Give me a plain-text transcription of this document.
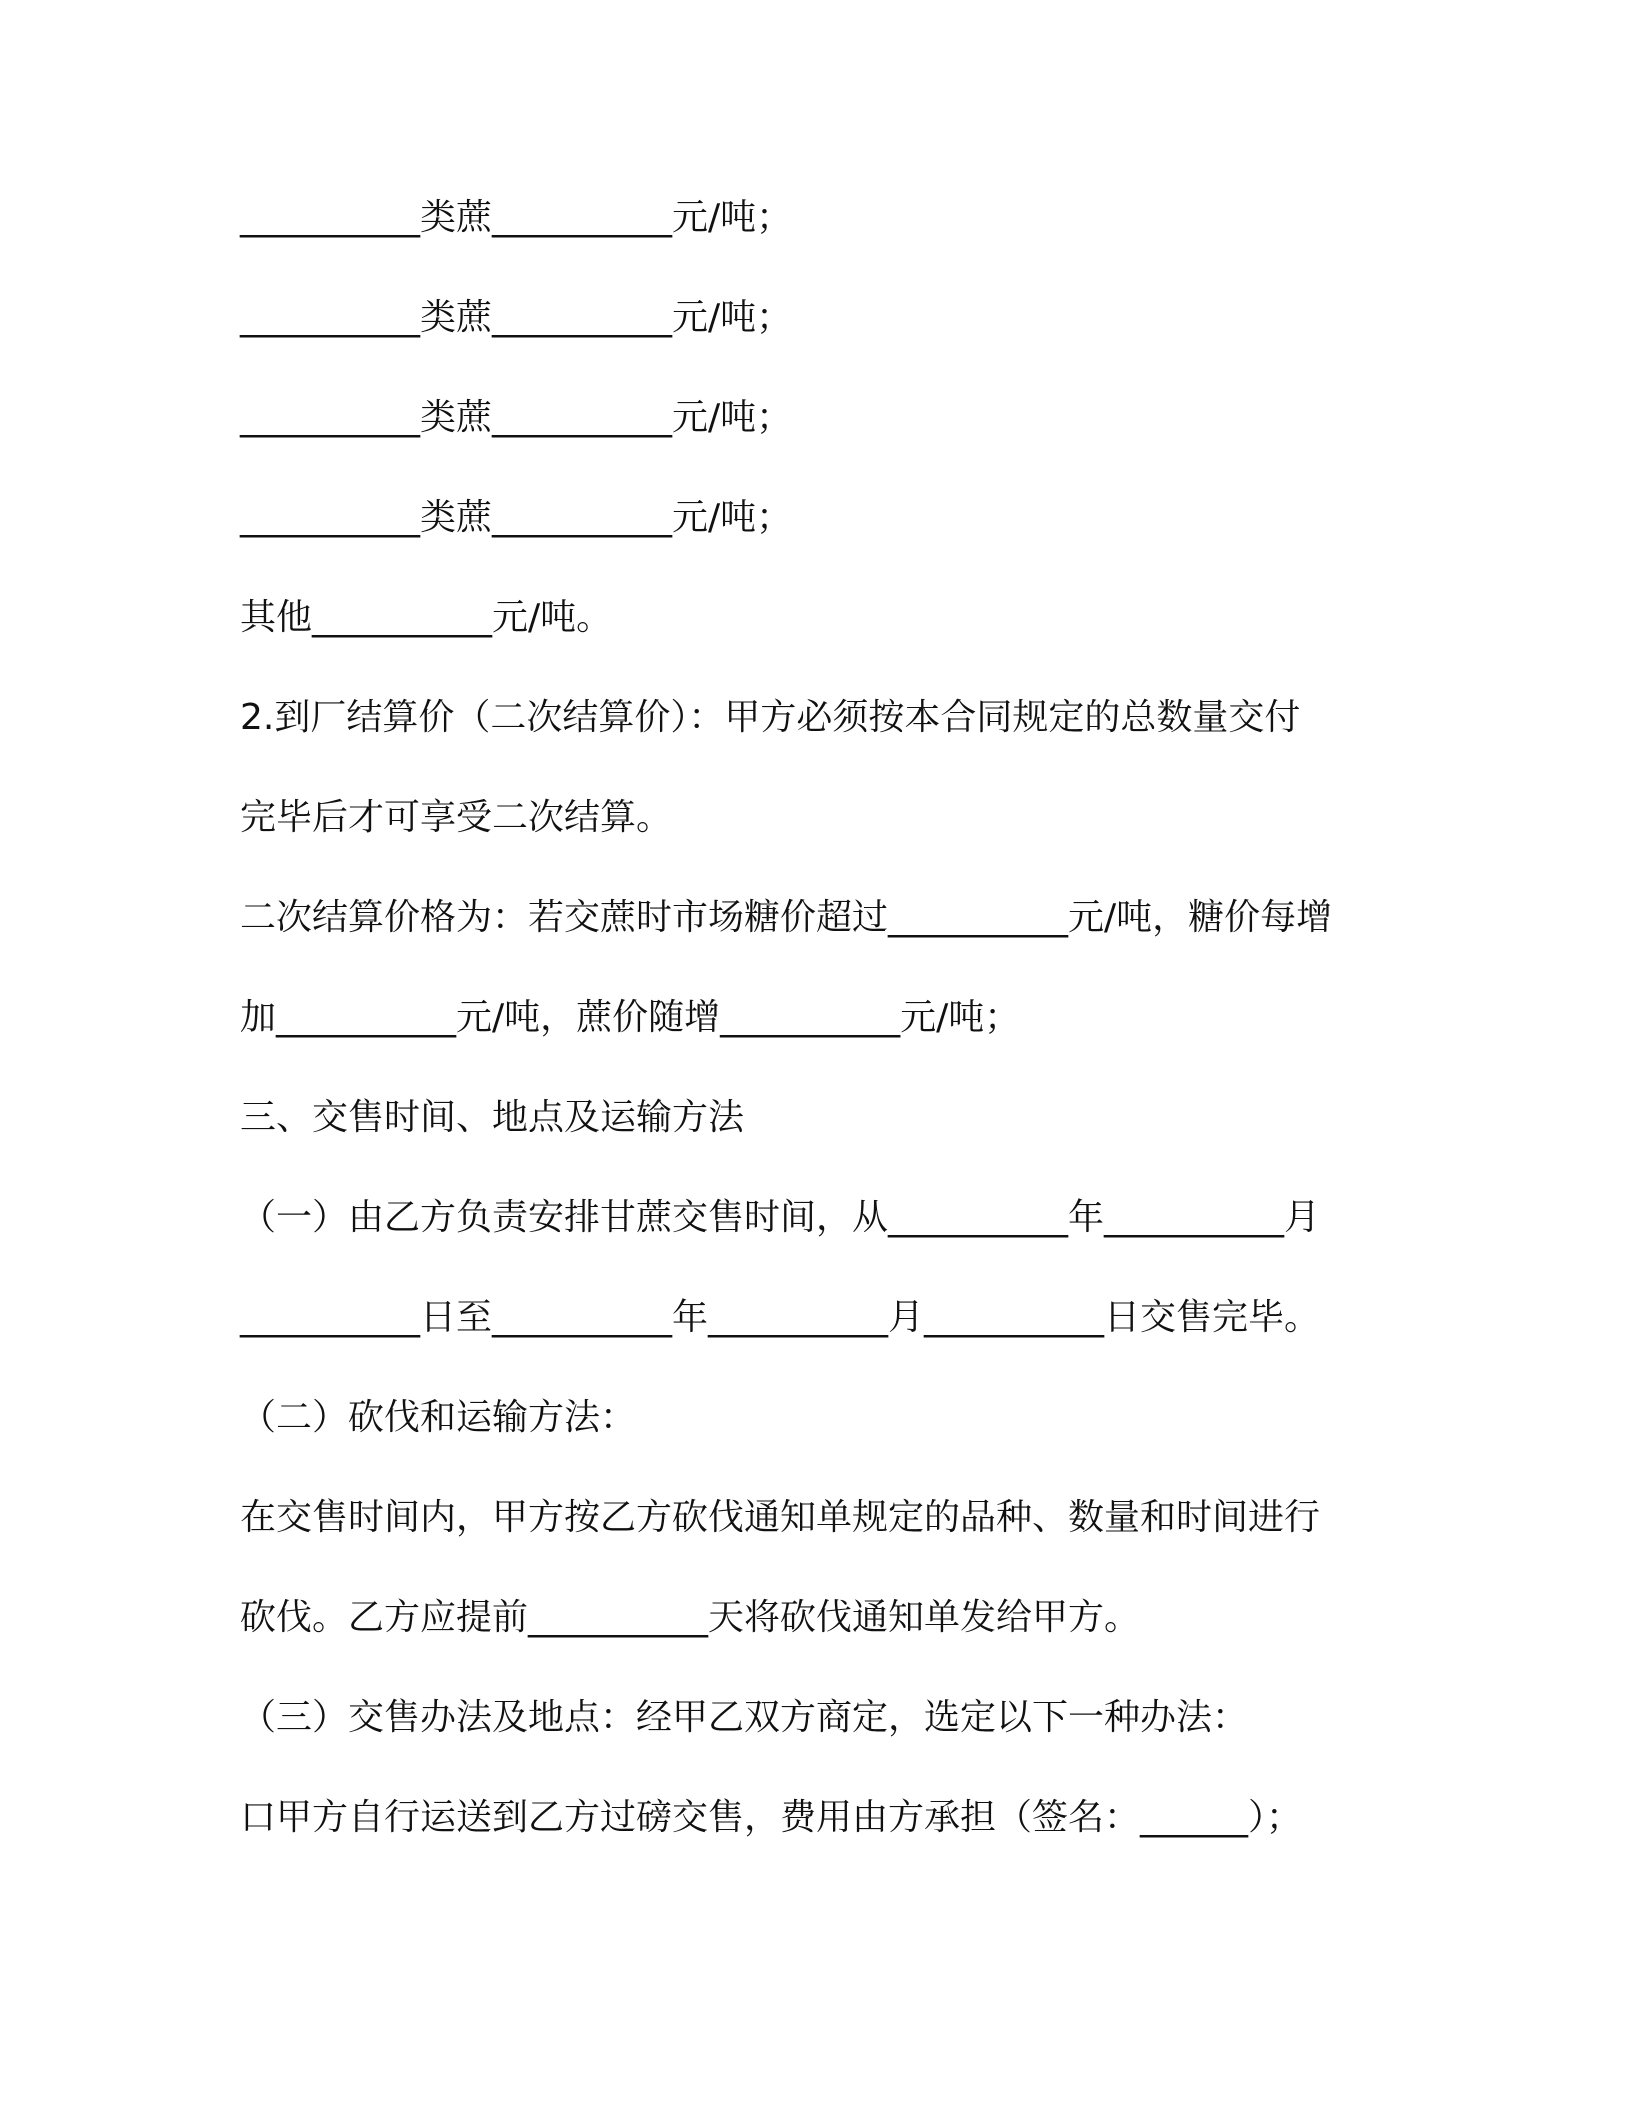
__________类蔗__________元/吨；
__________类蔗__________元/吨；
__________类蔗__________元/吨；
__________类蔗__________元/吨；
其他__________元/吨。
2.到厂结算价（二次结算价）：甲方必须按本合同规定的总数量交付
完毕后才可享受二次结算。
二次结算价格为：若交蔗时市场糖价超过__________元/吨，糖价每增
加__________元/吨，蔗价随增__________元/吨；
三、交售时间、地点及运输方法
（一）由乙方负责安排甘蔗交售时间，从__________年__________月
__________日至__________年__________月__________日交售完毕。
（二）砍伐和运输方法：
在交售时间内，甲方按乙方砍伐通知单规定的品种、数量和时间进行
砍伐。乙方应提前__________天将砍伐通知单发给甲方。
（三）交售办法及地点：经甲乙双方商定，选定以下一种办法：
口甲方自行运送到乙方过磅交售，费用由方承担（签名：______）；
